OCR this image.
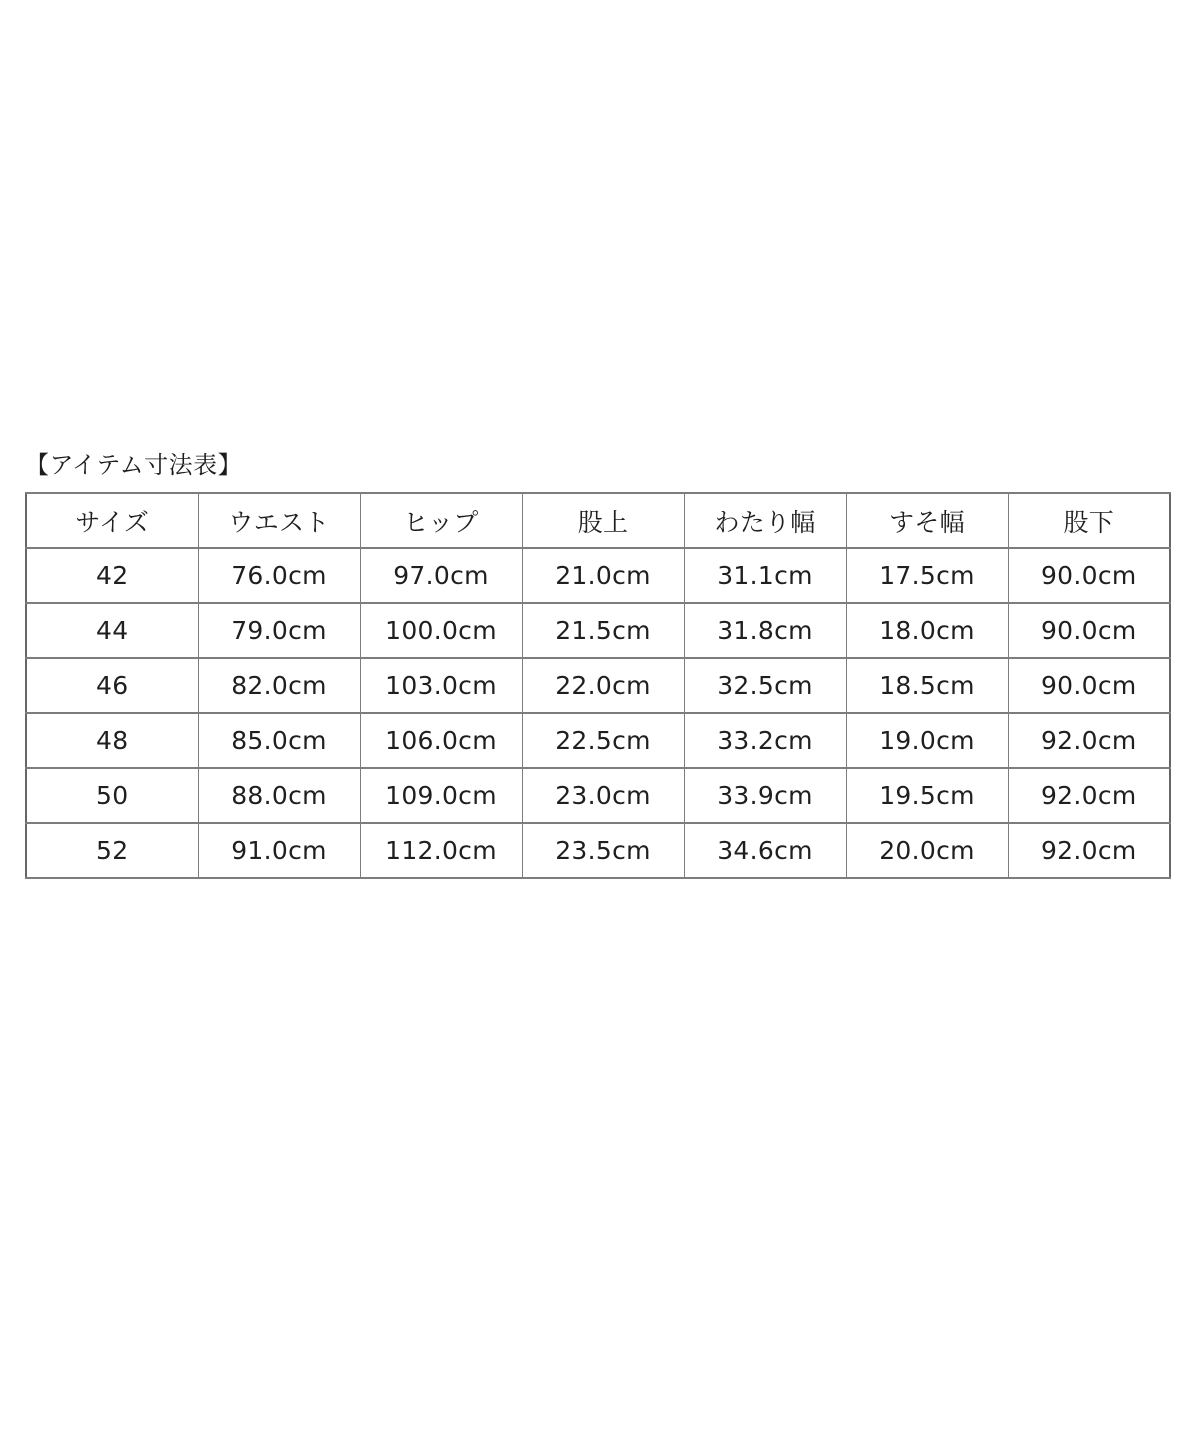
【アイテム寸法表】
サイズ	ウエスト	ヒップ	股上	わたり幅	すそ幅	股下
42	76.0cm	97.0cm	21.0cm	31.1cm	17.5cm	90.0cm
44	79.0cm	100.0cm	21.5cm	31.8cm	18.0cm	90.0cm
46	82.0cm	103.0cm	22.0cm	32.5cm	18.5cm	90.0cm
48	85.0cm	106.0cm	22.5cm	33.2cm	19.0cm	92.0cm
50	88.0cm	109.0cm	23.0cm	33.9cm	19.5cm	92.0cm
52	91.0cm	112.0cm	23.5cm	34.6cm	20.0cm	92.0cm
